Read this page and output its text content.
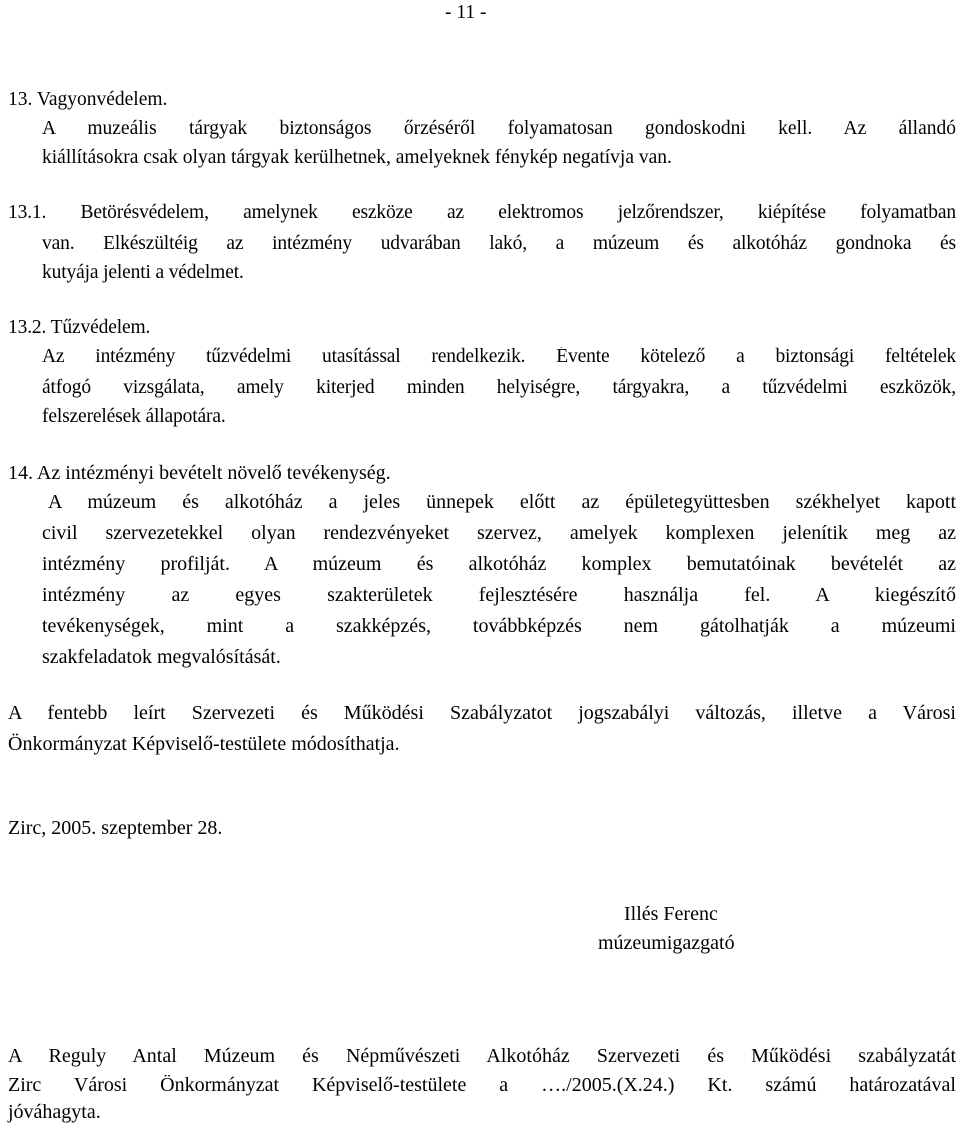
- 11 -
13. Vagyonvédelem.
A muzeális tárgyak biztonságos őrzéséről folyamatosan gondoskodni kell. Az állandó
kiállításokra csak olyan tárgyak kerülhetnek, amelyeknek fénykép negatívja van.
13.1. Betörésvédelem, amelynek eszköze az elektromos jelzőrendszer, kiépítése folyamatban
van. Elkészültéig az intézmény udvarában lakó, a múzeum és alkotóház gondnoka és
kutyája jelenti a védelmet.
13.2. Tűzvédelem.
Az intézmény tűzvédelmi utasítással rendelkezik. Évente kötelező a biztonsági feltételek
átfogó vizsgálata, amely kiterjed minden helyiségre, tárgyakra, a tűzvédelmi eszközök,
felszerelések állapotára.
14. Az intézményi bevételt növelő tevékenység.
A múzeum és alkotóház a jeles ünnepek előtt az épületegyüttesben székhelyet kapott
civil szervezetekkel olyan rendezvényeket szervez, amelyek komplexen jelenítik meg az
intézmény profilját. A múzeum és alkotóház komplex bemutatóinak bevételét az
intézmény az egyes szakterületek fejlesztésére használja fel. A kiegészítő
tevékenységek, mint a szakképzés, továbbképzés nem gátolhatják a múzeumi
szakfeladatok megvalósítását.
A fentebb leírt Szervezeti és Működési Szabályzatot jogszabályi változás, illetve a Városi
Önkormányzat Képviselő-testülete módosíthatja.
Zirc, 2005. szeptember 28.
Illés Ferenc
múzeumigazgató
A Reguly Antal Múzeum és Népművészeti Alkotóház Szervezeti és Működési szabályzatát
Zirc Városi Önkormányzat Képviselő-testülete a …./2005.(X.24.) Kt. számú határozatával
jóváhagyta.
